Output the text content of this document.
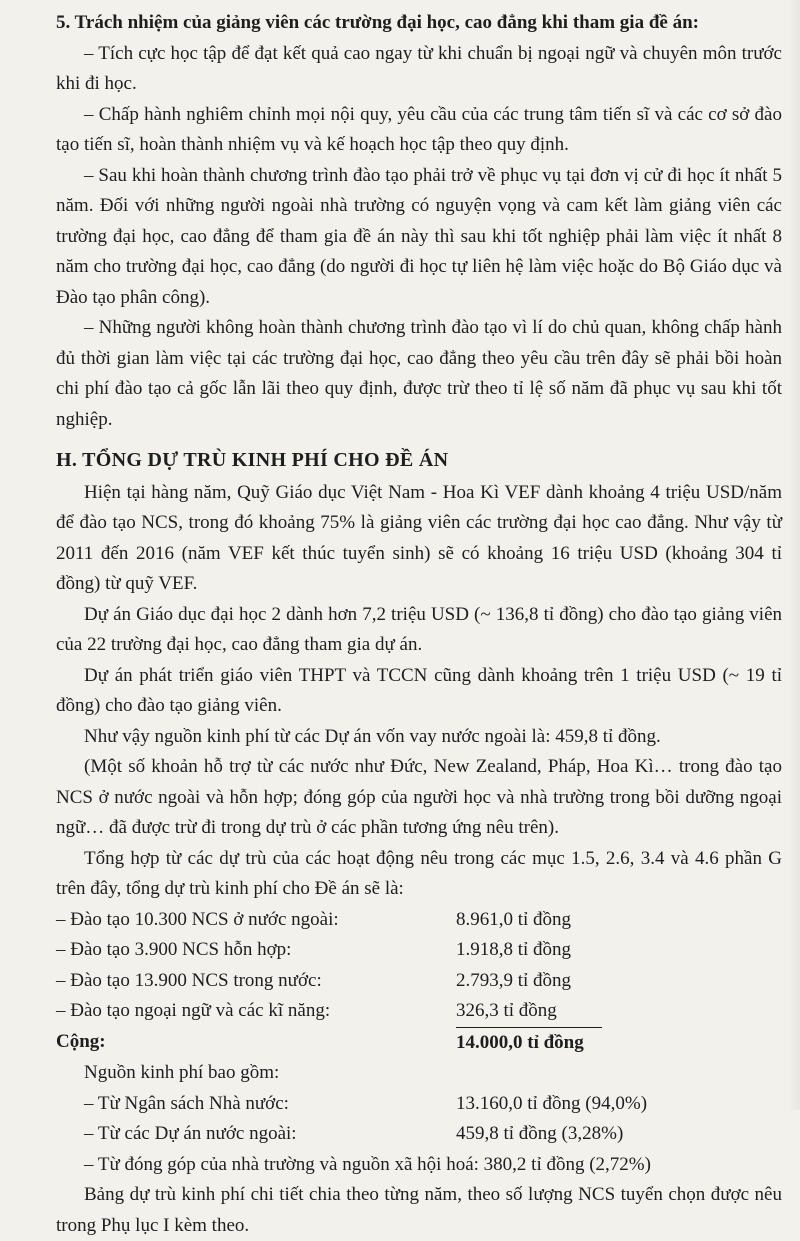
5. Trách nhiệm của giảng viên các trường đại học, cao đẳng khi tham gia đề án:

– Tích cực học tập để đạt kết quả cao ngay từ khi chuẩn bị ngoại ngữ và chuyên môn trước khi đi học.

– Chấp hành nghiêm chỉnh mọi nội quy, yêu cầu của các trung tâm tiến sĩ và các cơ sở đào tạo tiến sĩ, hoàn thành nhiệm vụ và kế hoạch học tập theo quy định.

– Sau khi hoàn thành chương trình đào tạo phải trở về phục vụ tại đơn vị cử đi học ít nhất 5 năm. Đối với những người ngoài nhà trường có nguyện vọng và cam kết làm giảng viên các trường đại học, cao đẳng để tham gia đề án này thì sau khi tốt nghiệp phải làm việc ít nhất 8 năm cho trường đại học, cao đẳng (do người đi học tự liên hệ làm việc hoặc do Bộ Giáo dục và Đào tạo phân công).

– Những người không hoàn thành chương trình đào tạo vì lí do chủ quan, không chấp hành đủ thời gian làm việc tại các trường đại học, cao đẳng theo yêu cầu trên đây sẽ phải bồi hoàn chi phí đào tạo cả gốc lẫn lãi theo quy định, được trừ theo tỉ lệ số năm đã phục vụ sau khi tốt nghiệp.

H. TỔNG DỰ TRÙ KINH PHÍ CHO ĐỀ ÁN

Hiện tại hàng năm, Quỹ Giáo dục Việt Nam - Hoa Kì VEF dành khoảng 4 triệu USD/năm để đào tạo NCS, trong đó khoảng 75% là giảng viên các trường đại học cao đẳng. Như vậy từ 2011 đến 2016 (năm VEF kết thúc tuyển sinh) sẽ có khoảng 16 triệu USD (khoảng 304 tỉ đồng) từ quỹ VEF.

Dự án Giáo dục đại học 2 dành hơn 7,2 triệu USD (~ 136,8 tỉ đồng) cho đào tạo giảng viên của 22 trường đại học, cao đẳng tham gia dự án.

Dự án phát triển giáo viên THPT và TCCN cũng dành khoảng trên 1 triệu USD (~ 19 tỉ đồng) cho đào tạo giảng viên.

Như vậy nguồn kinh phí từ các Dự án vốn vay nước ngoài là: 459,8 tỉ đồng.

(Một số khoản hỗ trợ từ các nước như Đức, New Zealand, Pháp, Hoa Kì… trong đào tạo NCS ở nước ngoài và hỗn hợp; đóng góp của người học và nhà trường trong bồi dưỡng ngoại ngữ… đã được trừ đi trong dự trù ở các phần tương ứng nêu trên).

Tổng hợp từ các dự trù của các hoạt động nêu trong các mục 1.5, 2.6, 3.4 và 4.6 phần G trên đây, tổng dự trù kinh phí cho Đề án sẽ là:

– Đào tạo 10.300 NCS ở nước ngoài:	8.961,0 tỉ đồng
– Đào tạo 3.900 NCS hỗn hợp:	1.918,8 tỉ đồng
– Đào tạo 13.900 NCS trong nước:	2.793,9 tỉ đồng
– Đào tạo ngoại ngữ và các kĩ năng:	326,3 tỉ đồng
Cộng:	14.000,0 tỉ đồng

Nguồn kinh phí bao gồm:

– Từ Ngân sách Nhà nước:	13.160,0 tỉ đồng (94,0%)
– Từ các Dự án nước ngoài:	459,8 tỉ đồng (3,28%)

– Từ đóng góp của nhà trường và nguồn xã hội hoá: 380,2 tỉ đồng (2,72%)

Bảng dự trù kinh phí chi tiết chia theo từng năm, theo số lượng NCS tuyển chọn được nêu trong Phụ lục I kèm theo.
